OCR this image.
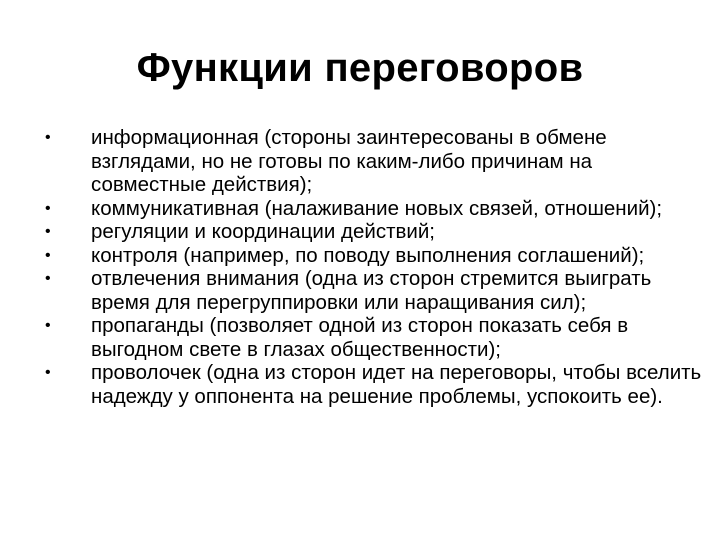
Функции переговоров
•	информационная (стороны заинтересованы в обмене взглядами, но не готовы по каким-либо причинам на совместные действия);
•	коммуникативная (налаживание новых связей, отношений);
•	регуляции и координации действий;
•	контроля (например, по поводу выполнения соглашений);
•	отвлечения внимания (одна из сторон стремится выиграть время для перегруппировки или наращивания сил);
•	пропаганды (позволяет одной из сторон показать себя в выгодном свете в глазах общественности);
•	проволочек (одна из сторон идет на переговоры, чтобы вселить надежду у оппонента на решение проблемы, успокоить ее).
